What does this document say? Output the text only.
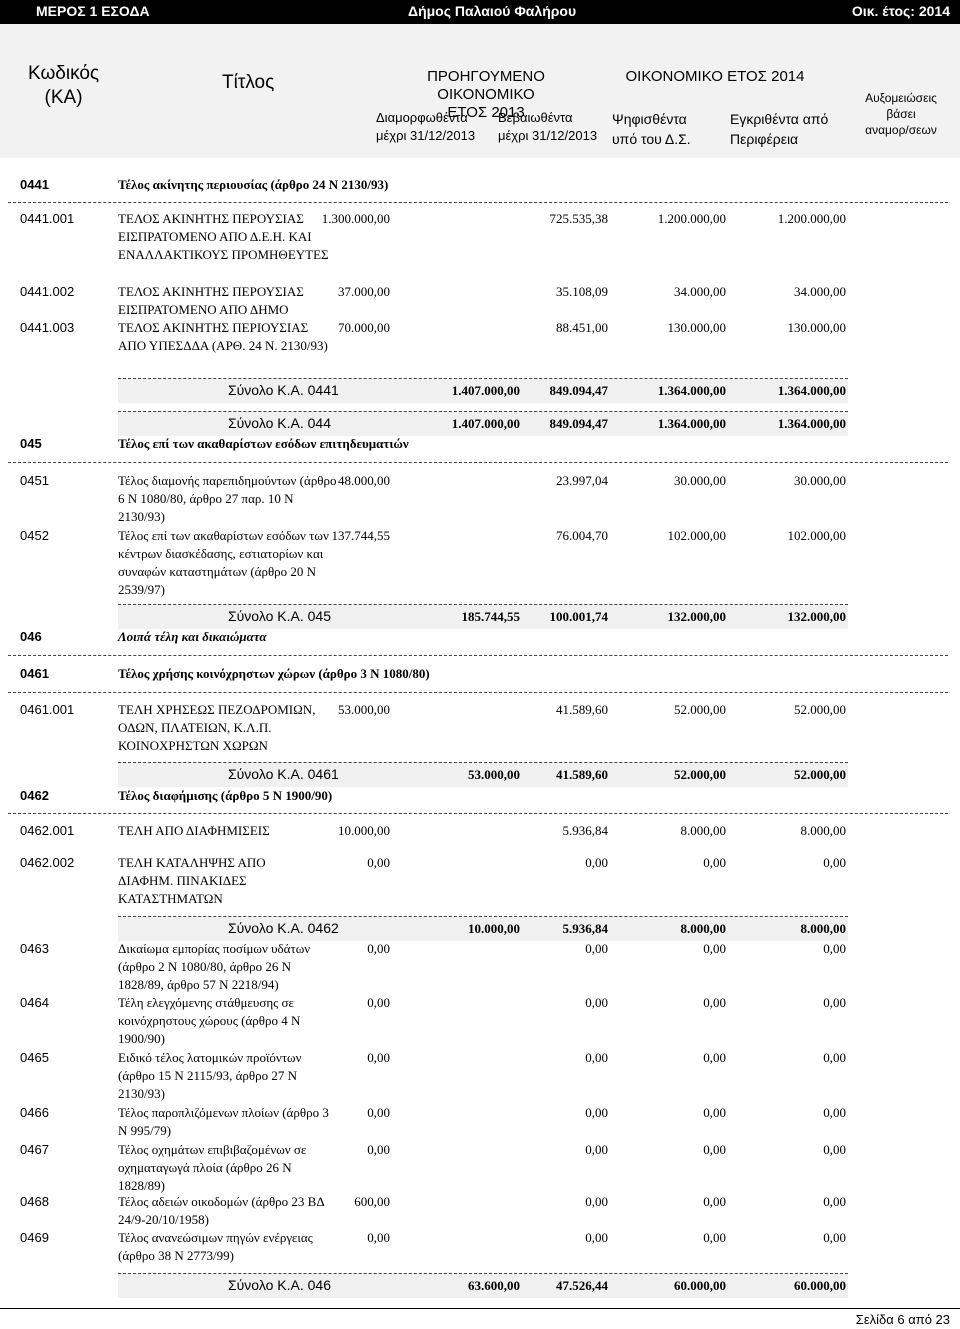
ΜΕΡΟΣ 1 ΕΣΟΔΑ	Δήμος Παλαιού Φαλήρου	Οικ. έτος: 2014
Κωδικός
(ΚΑ)
Τίτλος	ΠΡΟΗΓΟΥΜΕΝΟ ΟΙΚΟΝΟΜΙΚΟ
ΕΤΟΣ 2013
Διαμορφωθέντα
μέχρι 31/12/2013
Βεβαιωθέντα
μέχρι 31/12/2013
ΟΙΚΟΝΟΜΙΚΟ ΕΤΟΣ 2014
Ψηφισθέντα
υπό του Δ.Σ.
Εγκριθέντα από
Περιφέρεια
Αυξομειώσεις
βάσει
αναμορ/σεων
0441	Τέλος ακίνητης περιουσίας (άρθρο 24 Ν 2130/93)
0441.001	ΤΕΛΟΣ ΑΚΙΝΗΤΗΣ ΠΕΡΟΥΣΙΑΣ ΕΙΣΠΡΑΤΟΜΕΝΟ ΑΠΟ Δ.Ε.Η. ΚΑΙ ΕΝΑΛΛΑΚΤΙΚΟΥΣ ΠΡΟΜΗΘΕΥΤΕΣ
1.300.000,00	725.535,38	1.200.000,00	1.200.000,00
0441.002	ΤΕΛΟΣ ΑΚΙΝΗΤΗΣ ΠΕΡΟΥΣΙΑΣ ΕΙΣΠΡΑΤΟΜΕΝΟ ΑΠΟ ΔΗΜΟ
37.000,00	35.108,09	34.000,00	34.000,00
0441.003	ΤΕΛΟΣ ΑΚΙΝΗΤΗΣ ΠΕΡΙΟΥΣΙΑΣ ΑΠΟ ΥΠΕΣΔΔΑ (ΑΡΘ. 24 Ν. 2130/93)
70.000,00	88.451,00	130.000,00	130.000,00
Σύνολο Κ.Α. 0441	1.407.000,00 849.094,47	1.364.000,00	1.364.000,00
Σύνολο Κ.Α. 044	1.407.000,00 849.094,47	1.364.000,00	1.364.000,00
045	Τέλος επί των ακαθαρίστων εσόδων επιτηδευματιών
0451	Τέλος διαμονής παρεπιδημούντων (άρθρο 6 Ν 1080/80, άρθρο 27 παρ. 10 Ν 2130/93)
48.000,00	23.997,04	30.000,00	30.000,00
0452	Τέλος επί των ακαθαρίστων εσόδων των κέντρων διασκέδασης, εστιατορίων και συναφών καταστημάτων (άρθρο 20 Ν 2539/97)
137.744,55	76.004,70	102.000,00	102.000,00
Σύνολο Κ.Α. 045	185.744,55 100.001,74	132.000,00	132.000,00
046	Λοιπά τέλη και δικαιώματα
0461	Τέλος χρήσης κοινόχρηστων χώρων (άρθρο 3 Ν 1080/80)
0461.001	ΤΕΛΗ ΧΡΗΣΕΩΣ ΠΕΖΟΔΡΟΜΙΩΝ, ΟΔΩΝ, ΠΛΑΤΕΙΩΝ, Κ.Λ.Π. ΚΟΙΝΟΧΡΗΣΤΩΝ ΧΩΡΩΝ
53.000,00	41.589,60	52.000,00	52.000,00
Σύνολο Κ.Α. 0461	53.000,00	41.589,60	52.000,00	52.000,00
0462	Τέλος διαφήμισης (άρθρο 5 Ν 1900/90)
0462.001	ΤΕΛΗ ΑΠΟ ΔΙΑΦΗΜΙΣΕΙΣ	10.000,00	5.936,84	8.000,00	8.000,00
0462.002	ΤΕΛΗ ΚΑΤΑΛΗΨΗΣ ΑΠΟ ΔΙΑΦΗΜ. ΠΙΝΑΚΙΔΕΣ ΚΑΤΑΣΤΗΜΑΤΩΝ
0,00	0,00	0,00	0,00
Σύνολο Κ.Α. 0462	10.000,00	5.936,84	8.000,00	8.000,00
0463	Δικαίωμα εμπορίας ποσίμων υδάτων (άρθρο 2 Ν 1080/80, άρθρο 26 Ν 1828/89, άρθρο 57 Ν 2218/94)
0,00	0,00	0,00	0,00
0464	Τέλη ελεγχόμενης στάθμευσης σε κοινόχρηστους χώρους (άρθρο 4 Ν 1900/90)
0,00	0,00	0,00	0,00
0465	Ειδικό τέλος λατομικών προϊόντων (άρθρο 15 Ν 2115/93, άρθρο 27 Ν 2130/93)
0,00	0,00	0,00	0,00
0466	Τέλος παροπλιζόμενων πλοίων (άρθρο 3 Ν 995/79)
0,00	0,00	0,00	0,00
0467	Τέλος οχημάτων επιβιβαζομένων σε οχηματαγωγά πλοία (άρθρο 26 Ν 1828/89)
0,00	0,00	0,00	0,00
0468	Τέλος αδειών οικοδομών (άρθρο 23 ΒΔ 24/9-20/10/1958)
600,00	0,00	0,00	0,00
0469	Τέλος ανανεώσιμων πηγών ενέργειας (άρθρο 38 Ν 2773/99)
0,00	0,00	0,00	0,00
Σύνολο Κ.Α. 046	63.600,00	47.526,44	60.000,00	60.000,00
Σελίδα 6 από 23
